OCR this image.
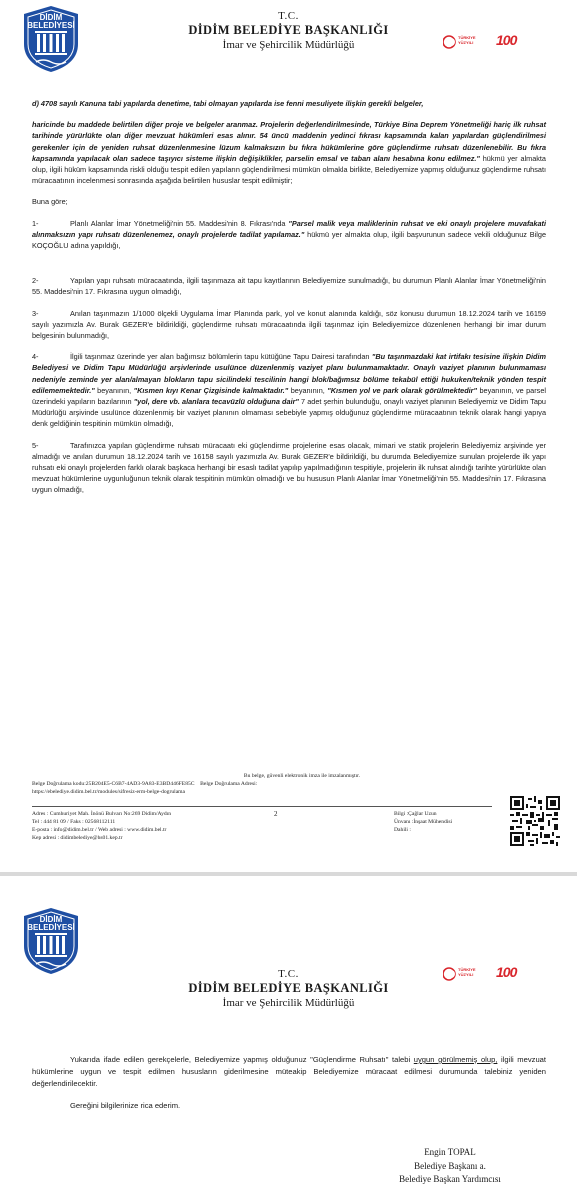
DİDİM BELEDİYESİ
T.C.
DİDİM BELEDİYE BAŞKANLIĞI
İmar ve Şehircilik Müdürlüğü
TÜRKİYE YÜZYILI	100

d) 4708 sayılı Kanuna tabi yapılarda denetime, tabi olmayan yapılarda ise fenni mesuliyete ilişkin gerekli belgeler,

haricinde bu maddede belirtilen diğer proje ve belgeler aranmaz. Projelerin değerlendirilmesinde, Türkiye Bina Deprem Yönetmeliği hariç ilk ruhsat tarihinde yürürlükte olan diğer mevzuat hükümleri esas alınır. 54 üncü maddenin yedinci fıkrası kapsamında kalan yapılardan güçlendirilmesi gerekenler için de yeniden ruhsat düzenlenmesine lüzum kalmaksızın bu fıkra hükümlerine göre güçlendirme ruhsatı düzenlenebilir. Bu fıkra kapsamında yapılacak olan sadece taşıyıcı sisteme ilişkin değişiklikler, parselin emsal ve taban alanı hesabına konu edilmez." hükmü yer almakta olup, ilgili hüküm kapsamında riskli olduğu tespit edilen yapıların güçlendirilmesi mümkün olmakla birlikte, Belediyemize yapmış olduğunuz güçlendirme ruhsatı müracaatının incelenmesi sonrasında aşağıda belirtilen hususlar tespit edilmiştir;

Buna göre;

1-	Planlı Alanlar İmar Yönetmeliği'nin 55. Maddesi'nin 8. Fıkrası'nda "Parsel malik veya maliklerinin ruhsat ve eki onaylı projelere muvafakati alınmaksızın yapı ruhsatı düzenlenemez, onaylı projelerde tadilat yapılamaz." hükmü yer almakta olup, ilgili başvurunun sadece vekili olduğunuz Bilge KOÇOĞLU adına yapıldığı,

2-	Yapılan yapı ruhsatı müracaatında, ilgili taşınmaza ait tapu kayıtlarının Belediyemize sunulmadığı, bu durumun Planlı Alanlar İmar Yönetmeliği'nin 55. Maddesi'nin 17. Fıkrasına uygun olmadığı,

3-	Anılan taşınmazın 1/1000 ölçekli Uygulama İmar Planında park, yol ve konut alanında kaldığı, söz konusu durumun 18.12.2024 tarih ve 16159 sayılı yazımızla Av. Burak GEZER'e bildirildiği, güçlendirme ruhsatı müracaatında ilgili taşınmaz için Belediyemizce düzenlenen herhangi bir imar durum belgesinin bulunmadığı,

4-	İlgili taşınmaz üzerinde yer alan bağımsız bölümlerin tapu kütüğüne Tapu Dairesi tarafından "Bu taşınmazdaki kat irtifakı tesisine ilişkin Didim Belediyesi ve Didim Tapu Müdürlüğü arşivlerinde usulünce düzenlenmiş vaziyet planı bulunmamaktadır. Onaylı vaziyet planının bulunmaması nedeniyle zeminde yer alan/almayan blokların tapu sicilindeki tescilinin hangi blok/bağımsız bölüme tekabül ettiği hukuken/teknik yönden tespit edilememektedir." beyanının, "Kısmen kıyı Kenar Çizgisinde kalmaktadır." beyanının, "Kısmen yol ve park olarak görülmektedir" beyanının, ve parsel üzerindeki yapıların bazılarının "yol, dere vb. alanlara tecavüzlü olduğuna dair" 7 adet şerhin bulunduğu, onaylı vaziyet planının Belediyemiz ve Didim Tapu Müdürlüğü arşivinde usulünce düzenlenmiş bir vaziyet planının olmaması sebebiyle yapmış olduğunuz güçlendirme müracaatının teknik olarak hangi yapıya denk geldiğinin tespitinin mümkün olmadığı,

5-	Tarafınızca yapılan güçlendirme ruhsatı müracaatı eki güçlendirme projelerine esas olacak, mimari ve statik projelerin Belediyemiz arşivinde yer almadığı ve anılan durumun 18.12.2024 tarih ve 16158 sayılı yazımızla Av. Burak GEZER'e bildirildiği, bu durumda Belediyemize sunulan projelerde ilk yapı ruhsatı eki onaylı projelerden farklı olarak başkaca herhangi bir esaslı tadilat yapılıp yapılmadığının tespitiyle, projelerin ilk ruhsat alındığı tarihte yürürlükte olan mevzuat hükümlerine uygunluğunun teknik olarak tespitinin mümkün olmadığı ve bu hususun Planlı Alanlar İmar Yönetmeliği'nin 55. Maddesi'nin 17. Fıkrasına uygun olmadığı,

Bu belge, güvenli elektronik imza ile imzalanmıştır.
Belge Doğrulama kodu:25B204E5-C6B7-4AD3-9A83-E3BD446FE85C Belge Doğrulama Adresi:
https://ebelediye.didim.bel.tr/modules/sifresiz-erm-belge-dogrulama
Adres : Cumhuriyet Mah. İnönü Bulvarı No:269 Didim/Aydın
Tel : 444 81 09 / Faks : 02568112111
E-posta : info@didim.bel.tr / Web adresi : www.didim.bel.tr
Kep adresi : didimbelediye@hs01.kep.tr
2	Bilgi :Çağlar Uzun
Ünvanı :İnşaat Mühendisi
Dahili :
DİDİM BELEDİYESİ
T.C.
DİDİM BELEDİYE BAŞKANLIĞI
İmar ve Şehircilik Müdürlüğü
TÜRKİYE YÜZYILI	100

Yukarıda ifade edilen gerekçelerle, Belediyemize yapmış olduğunuz "Güçlendirme Ruhsatı" talebi uygun görülmemiş olup, ilgili mevzuat hükümlerine uygun ve tespit edilmen hususların giderilmesine müteakip Belediyemize müracaat edilmesi durumunda talebiniz yeniden değerlendirilecektir.

Gereğini bilgilerinize rica ederim.

Engin TOPAL
Belediye Başkanı a.
Belediye Başkan Yardımcısı
